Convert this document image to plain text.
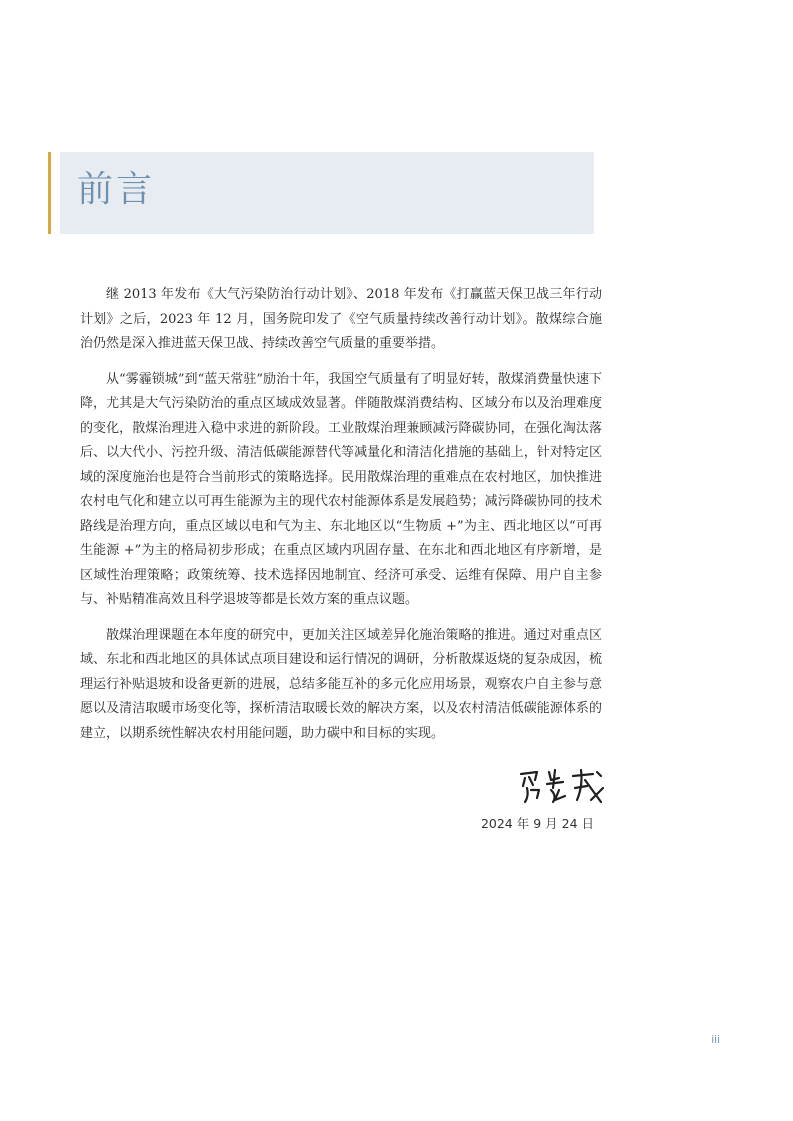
前言

继 2013 年发布《大气污染防治行动计划》、2018 年发布《打赢蓝天保卫战三年行动计划》之后，2023 年 12 月，国务院印发了《空气质量持续改善行动计划》。散煤综合施治仍然是深入推进蓝天保卫战、持续改善空气质量的重要举措。

从“雾霾锁城”到“蓝天常驻”励治十年，我国空气质量有了明显好转，散煤消费量快速下降，尤其是大气污染防治的重点区域成效显著。伴随散煤消费结构、区域分布以及治理难度的变化，散煤治理进入稳中求进的新阶段。工业散煤治理兼顾减污降碳协同，在强化淘汰落后、以大代小、污控升级、清洁低碳能源替代等减量化和清洁化措施的基础上，针对特定区域的深度施治也是符合当前形式的策略选择。民用散煤治理的重难点在农村地区，加快推进农村电气化和建立以可再生能源为主的现代农村能源体系是发展趋势；减污降碳协同的技术路线是治理方向，重点区域以电和气为主、东北地区以“生物质 +”为主、西北地区以“可再生能源 +”为主的格局初步形成；在重点区域内巩固存量、在东北和西北地区有序新增，是区域性治理策略；政策统筹、技术选择因地制宜、经济可承受、运维有保障、用户自主参与、补贴精准高效且科学退坡等都是长效方案的重点议题。

散煤治理课题在本年度的研究中，更加关注区域差异化施治策略的推进。通过对重点区域、东北和西北地区的具体试点项目建设和运行情况的调研，分析散煤返烧的复杂成因，梳理运行补贴退坡和设备更新的进展，总结多能互补的多元化应用场景，观察农户自主参与意愿以及清洁取暖市场变化等，探析清洁取暖长效的解决方案，以及农村清洁低碳能源体系的建立，以期系统性解决农村用能问题，助力碳中和目标的实现。

2024 年 9 月 24 日
iii
